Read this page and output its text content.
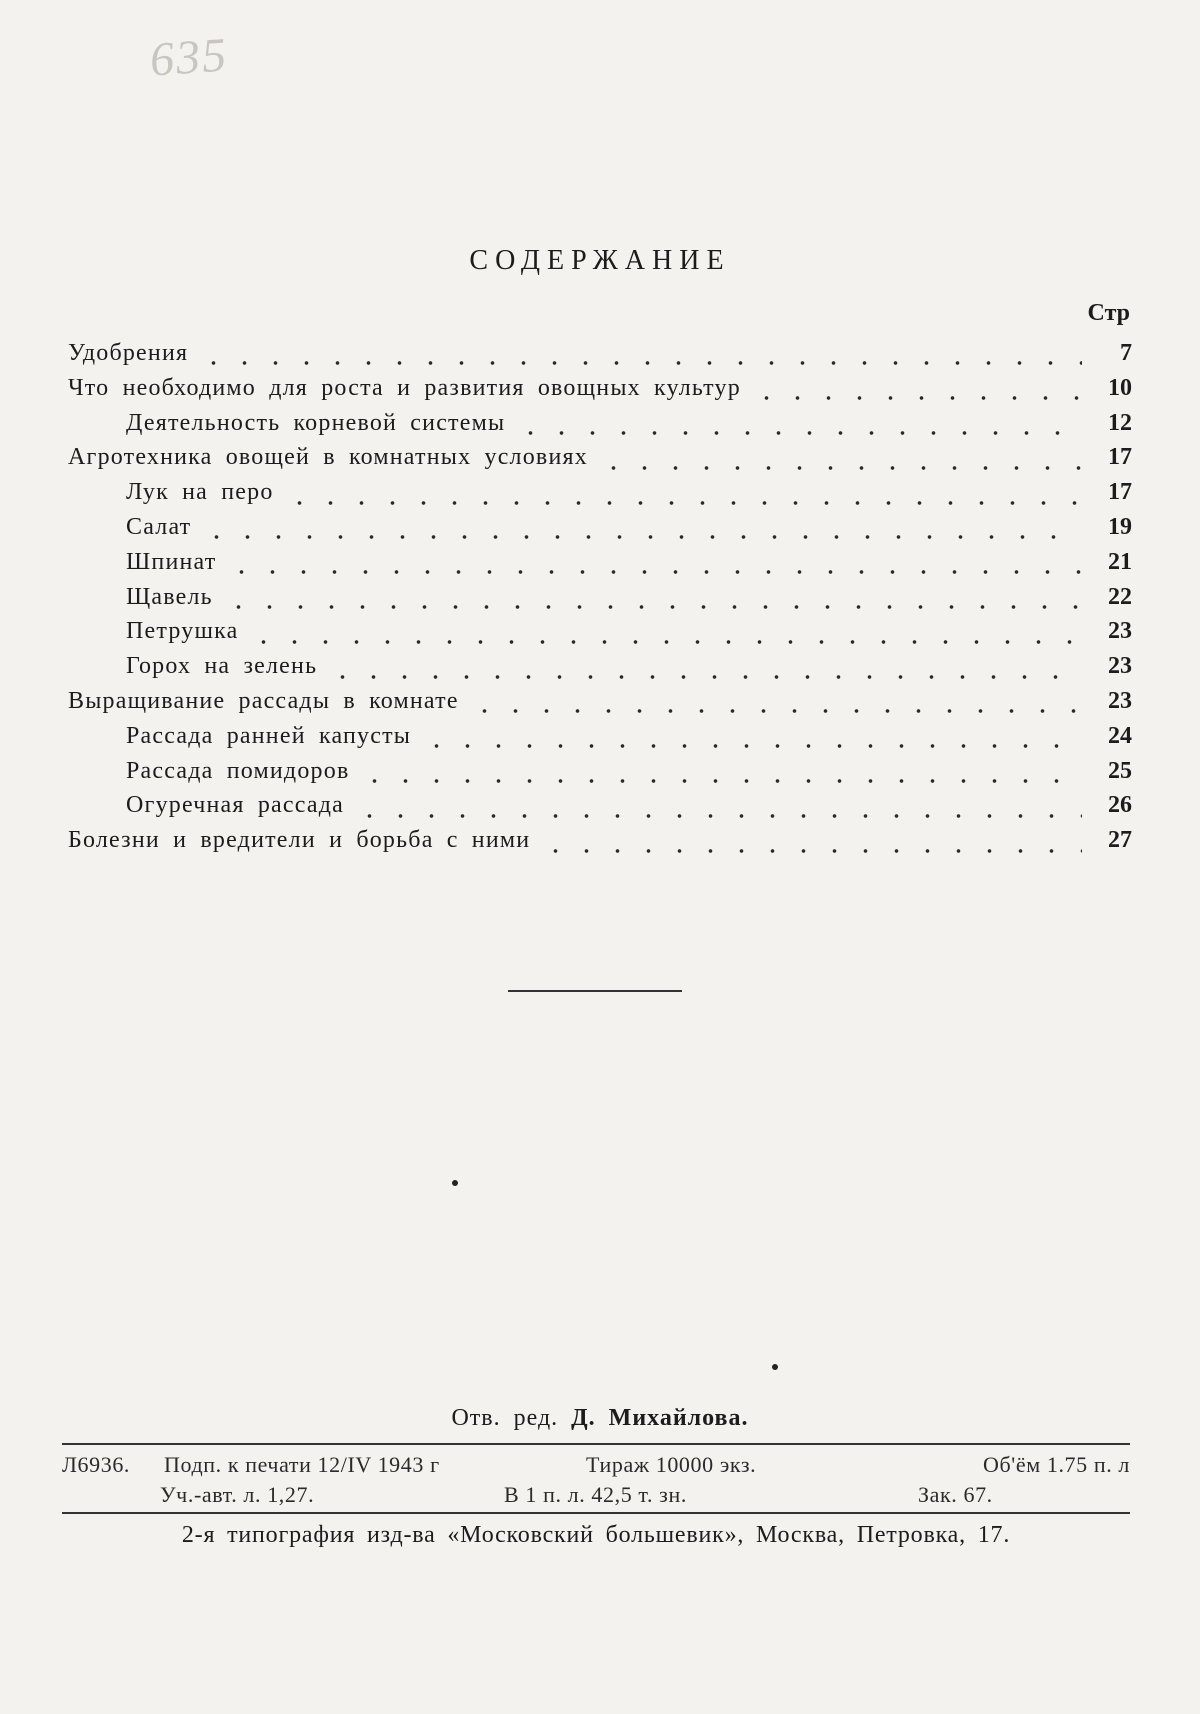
635
СОДЕРЖАНИЕ
Стр
Удобрения	7
Что необходимо для роста и развития овощных культур	10
Деятельность корневой системы	12
Агротехника овощей в комнатных условиях	17
Лук на перо	17
Салат	19
Шпинат	21
Щавель	22
Петрушка	23
Горох на зелень	23
Выращивание рассады в комнате	23
Рассада ранней капусты	24
Рассада помидоров	25
Огуречная рассада	26
Болезни и вредители и борьба с ними	27
Отв. ред. Д. Михайлова.
Л6936.	Подп. к печати 12/IV 1943 г	Тираж 10000 экз.	Об'ём 1.75 п. л
Уч.-авт. л. 1,27.	В 1 п. л. 42,5 т. зн.	Зак. 67.
2-я типография изд-ва «Московский большевик», Москва, Петровка, 17.
